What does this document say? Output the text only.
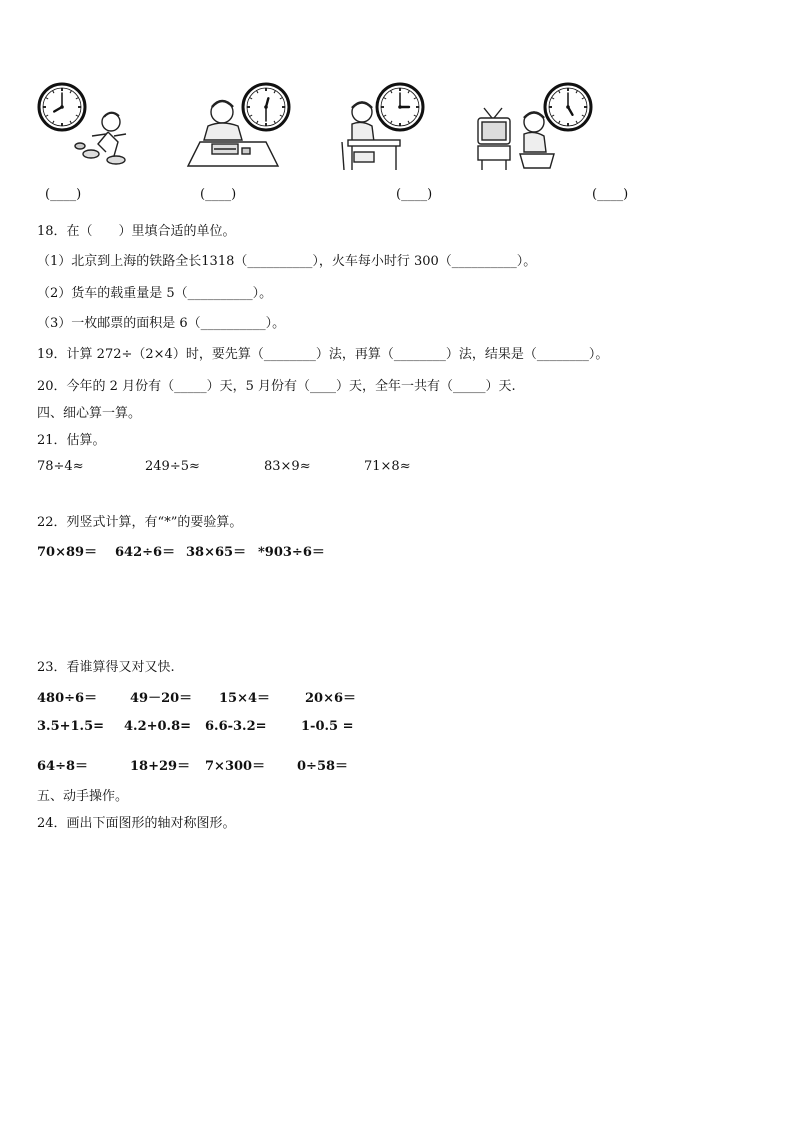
(____)	(____)	(____)	(____)
18．在（　　）里填合适的单位。
（1）北京到上海的铁路全长1318（__________），火车每小时行 300（__________）。
（2）货车的载重量是 5（__________）。
（3）一枚邮票的面积是 6（__________）。
19．计算 272÷（2×4）时，要先算（________）法，再算（________）法，结果是（________）。
20．今年的 2 月份有（_____）天，5 月份有（____）天，全年一共有（_____）天.
四、细心算一算。
21．估算。
78÷4≈	249÷5≈	83×9≈	71×8≈
22．列竖式计算，有“*”的要验算。
70×89＝ 642÷6＝ 38×65＝ *903÷6＝
23．看谁算得又对又快.
480÷6＝	49－20＝ 15×4＝	20×6＝
3.5+1.5= 4.2+0.8= 6.6-3.2=	1-0.5 =
64÷8＝	18+29＝ 7×300＝ 0÷58＝
五、动手操作。
24．画出下面图形的轴对称图形。
